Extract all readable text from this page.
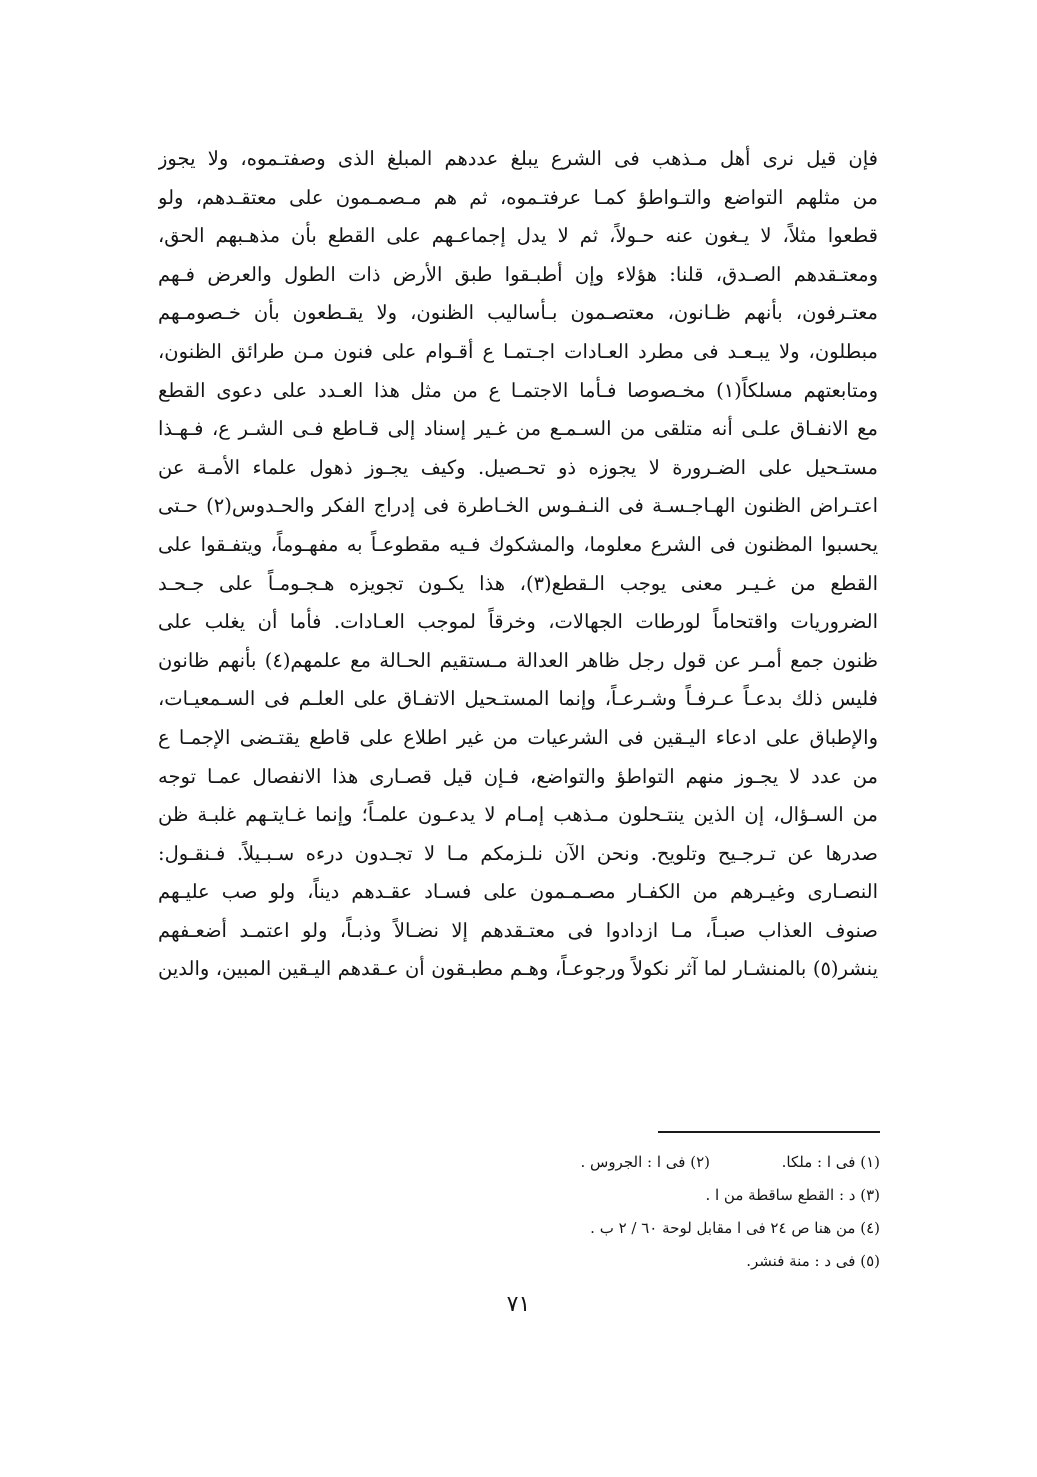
فإن قيل نرى أهل مـذهب فى الشرع يبلغ عددهم المبلغ الذى وصفتـموه، ولا يجوز
من مثلهم التواضع والتـواطؤ كمـا عرفتـموه، ثم هم مـصمـمون على معتقـدهم، ولو
قطعوا مثلاً، لا يـغون عنه حـولاً، ثم لا يدل إجماعـهم على القطع بأن مذهـبهم الحق،
ومعتـقدهم الصـدق، قلنا: هؤلاء وإن أطبـقوا طبق الأرض ذات الطول والعرض فـهم
معتـرفون، بأنهم ظـانون، معتصـمون بـأساليب الظنون، ولا يقـطعون بأن خـصومـهم
مبطلون، ولا يبـعـد فى مطرد العـادات اجـتمـا ع أقـوام على فنون مـن طرائق الظنون،
ومتابعتهم مسلكاً(١) مخـصوصا فـأما الاجتمـا ع من مثل هذا العـدد على دعوى القطع
مع الانفـاق علـى أنه متلقى من السـمـع من غـير إسناد إلى قـاطع فـى الشـر ع، فـهـذا
مستـحيل على الضـرورة لا يجوزه ذو تحـصيل. وكيف يجـوز ذهول علماء الأمـة عن
اعتـراض الظنون الهـاجـسـة فى النـفـوس الخـاطرة فى إدراج الفكر والحـدوس(٢) حـتى
يحسبوا المظنون فى الشرع معلوما، والمشكوك فـيه مقطوعـاً به مفهـوماً، ويتفـقوا على
القطع من غـيـر معنى يوجب الـقطع(٣)، هذا يكـون تجويزه هـجـومـاً على جـحـد
الضروريات واقتحاماً لورطات الجهالات، وخرقاً لموجب العـادات. فأما أن يغلب على
ظنون جمع أمـر عن قول رجل ظاهر العدالة مـستقيم الحـالة مع علمهم(٤) بأنهم ظانون
فليس ذلك بدعـاً عـرفـاً وشـرعـاً، وإنما المستـحيل الاتفـاق على العلـم فى السـمعيـات،
والإطباق على ادعاء اليـقين فى الشرعيات من غير اطلاع على قاطع يقتـضى الإجمـا ع
من عدد لا يجـوز منهم التواطؤ والتواضع، فـإن قيل قصـارى هذا الانفصال عمـا توجه
من السـؤال، إن الذين ينتـحلون مـذهب إمـام لا يدعـون علمـاً؛ وإنما غـايتـهم غلبـة ظن
صدرها عن تـرجـيح وتلويح. ونحن الآن نلـزمكم مـا لا تجـدون درءه سـبـيلاً. فـنقـول:
النصـارى وغيـرهم من الكفـار مصـمـمون على فسـاد عقـدهم ديناً، ولو صب عليـهم
صنوف العذاب صبـاً، مـا ازدادوا فى معتـقدهم إلا نضـالاً وذبـاً، ولو اعتمـد أضعـفهم
ينشر(٥) بالمنشـار لما آثر نكولاً ورجوعـاً، وهـم مطبـقون أن عـقدهم اليـقين المبين، والدين
(١) فى ا : ملكا.
(٢) فى ا : الجروس .
(٣) د : القطع ساقطة من ا .
(٤) من هنا ص ٢٤ فى ا مقابل لوحة ٦٠ / ٢ ب .
(٥) فى د : منة فنشر.
٧١
